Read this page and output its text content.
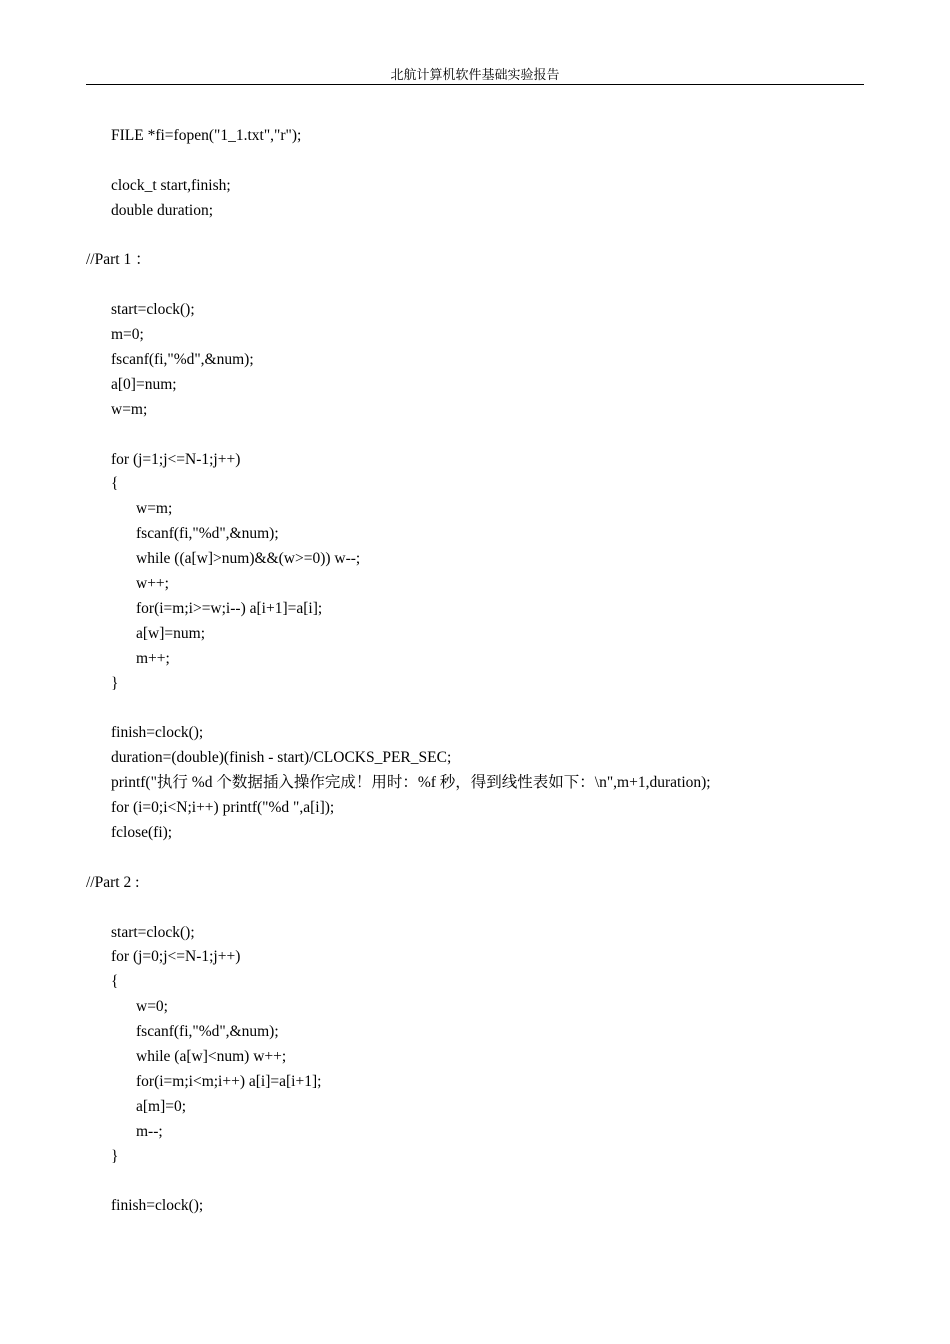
北航计算机软件基础实验报告
FILE *fi=fopen("1_1.txt","r");
clock_t start,finish;
double duration;
//Part 1 ：
start=clock();
m=0;
fscanf(fi,"%d",&num);
a[0]=num;
w=m;
for (j=1;j<=N-1;j++)
{
w=m;
fscanf(fi,"%d",&num);
while ((a[w]>num)&&(w>=0)) w--;
w++;
for(i=m;i>=w;i--) a[i+1]=a[i];
a[w]=num;
m++;
}
finish=clock();
duration=(double)(finish - start)/CLOCKS_PER_SEC;
printf("执行 %d 个数据插入操作完成！用时：%f 秒，得到线性表如下：\n",m+1,duration);
for (i=0;i<N;i++) printf("%d ",a[i]);
fclose(fi);
//Part 2 :
start=clock();
for (j=0;j<=N-1;j++)
{
w=0;
fscanf(fi,"%d",&num);
while (a[w]<num) w++;
for(i=m;i<m;i++) a[i]=a[i+1];
a[m]=0;
m--;
}
finish=clock();
